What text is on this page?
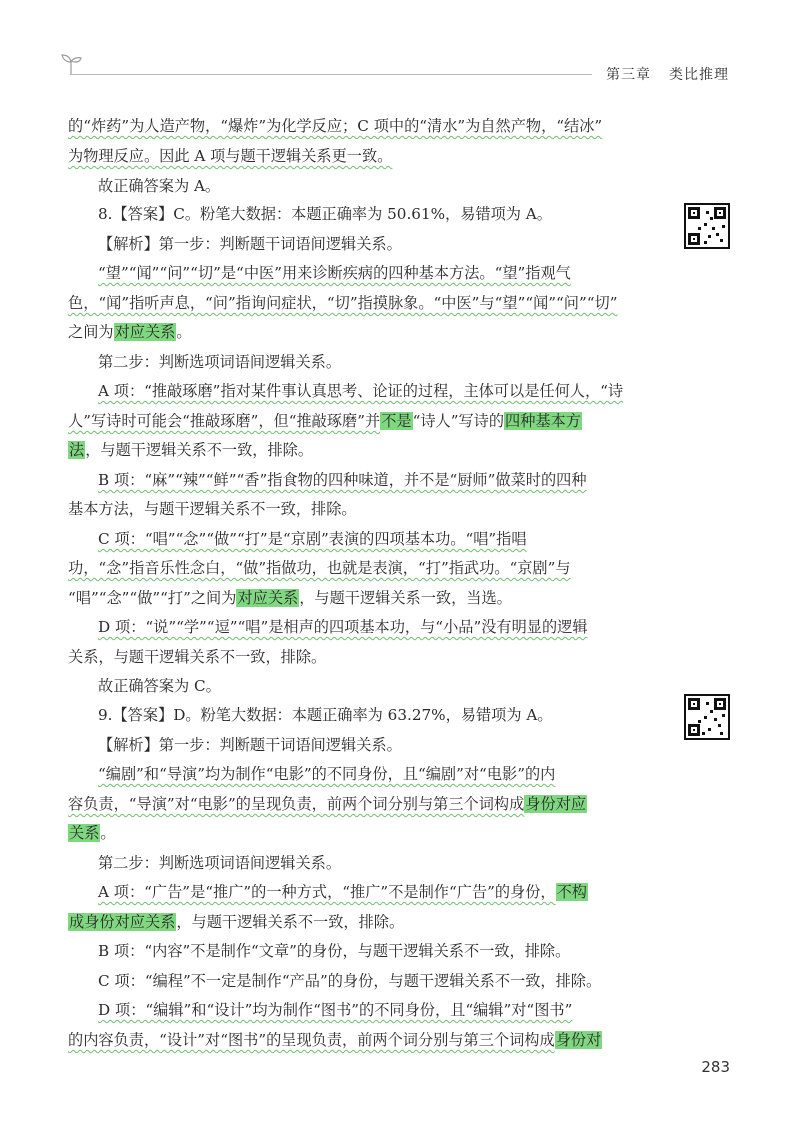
第三章 类比推理
的“炸药”为人造产物，“爆炸”为化学反应；C 项中的“清水”为自然产物，“结冰”
为物理反应。因此 A 项与题干逻辑关系更一致。
故正确答案为 A。
8.【答案】C。粉笔大数据：本题正确率为 50.61%，易错项为 A。
【解析】第一步：判断题干词语间逻辑关系。
“望”“闻”“问”“切”是“中医”用来诊断疾病的四种基本方法。“望”指观气
色，“闻”指听声息，“问”指询问症状，“切”指摸脉象。“中医”与“望”“闻”“问”“切”
之间为对应关系。
第二步：判断选项词语间逻辑关系。
A 项：“推敲琢磨”指对某件事认真思考、论证的过程，主体可以是任何人，“诗
人”写诗时可能会“推敲琢磨”，但“推敲琢磨”并不是“诗人”写诗的四种基本方
法，与题干逻辑关系不一致，排除。
B 项：“麻”“辣”“鲜”“香”指食物的四种味道，并不是“厨师”做菜时的四种
基本方法，与题干逻辑关系不一致，排除。
C 项：“唱”“念”“做”“打”是“京剧”表演的四项基本功。“唱”指唱
功，“念”指音乐性念白，“做”指做功，也就是表演，“打”指武功。“京剧”与
“唱”“念”“做”“打”之间为对应关系，与题干逻辑关系一致，当选。
D 项：“说”“学”“逗”“唱”是相声的四项基本功，与“小品”没有明显的逻辑
关系，与题干逻辑关系不一致，排除。
故正确答案为 C。
9.【答案】D。粉笔大数据：本题正确率为 63.27%，易错项为 A。
【解析】第一步：判断题干词语间逻辑关系。
“编剧”和“导演”均为制作“电影”的不同身份，且“编剧”对“电影”的内
容负责，“导演”对“电影”的呈现负责，前两个词分别与第三个词构成身份对应
关系。
第二步：判断选项词语间逻辑关系。
A 项：“广告”是“推广”的一种方式，“推广”不是制作“广告”的身份，不构
成身份对应关系，与题干逻辑关系不一致，排除。
B 项：“内容”不是制作“文章”的身份，与题干逻辑关系不一致，排除。
C 项：“编程”不一定是制作“产品”的身份，与题干逻辑关系不一致，排除。
D 项：“编辑”和“设计”均为制作“图书”的不同身份，且“编辑”对“图书”
的内容负责，“设计”对“图书”的呈现负责，前两个词分别与第三个词构成身份对
283
